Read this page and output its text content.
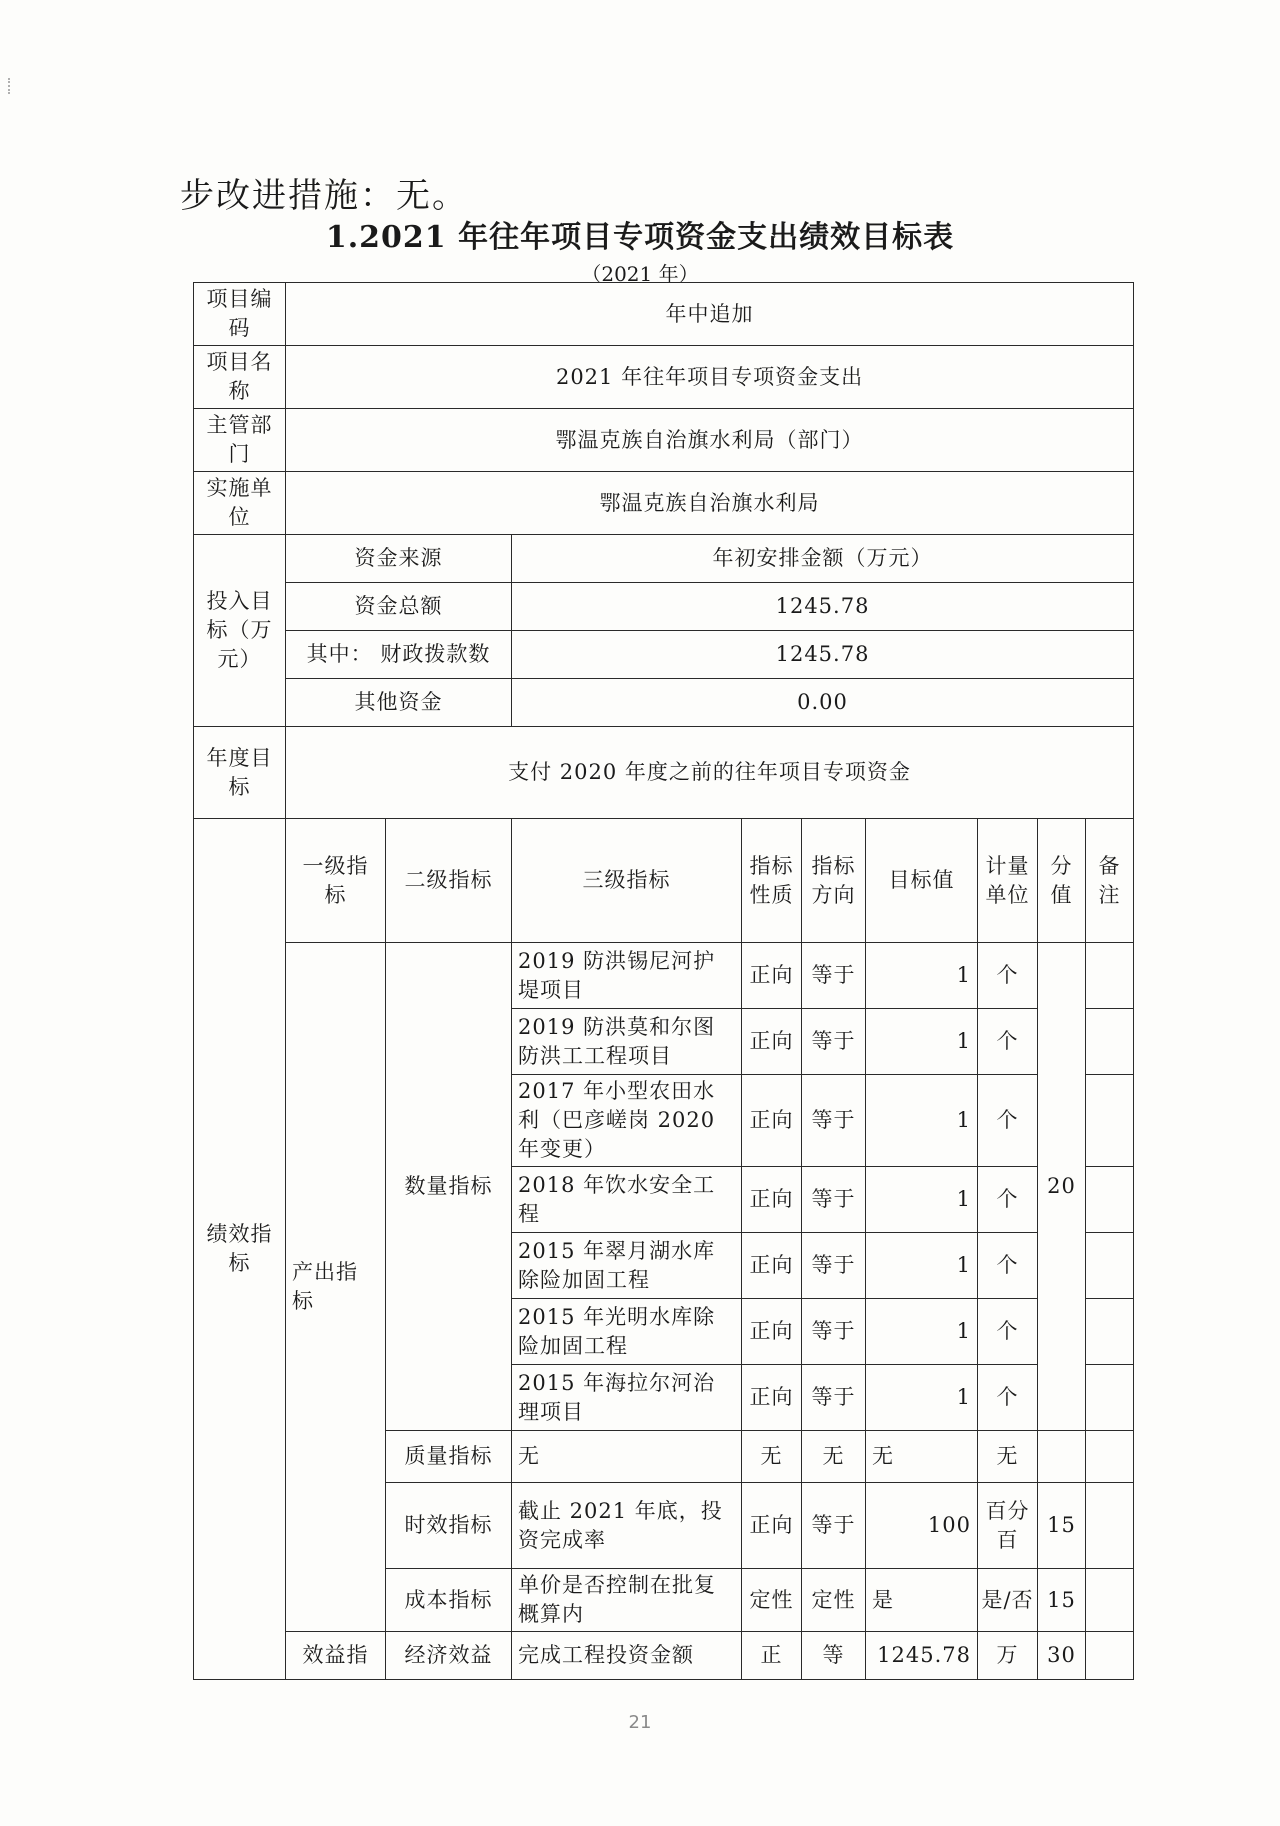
步改进措施：无。
1.2021 年往年项目专项资金支出绩效目标表
（2021 年）
项目编码	年中追加								
项目名称	2021 年往年项目专项资金支出								
主管部门	鄂温克族自治旗水利局（部门）								
实施单位	鄂温克族自治旗水利局								
投入目标（万元）	资金来源		年初安排金额（万元）						
	资金总额		1245.78						
	其中： 财政拨款数		1245.78						
	其他资金		0.00						
年度目标	支付 2020 年度之前的往年项目专项资金								
绩效指标	一级指标	二级指标	三级指标	指标性质	指标方向	目标值	计量单位	分值	备注
	产出指标	数量指标	2019 防洪锡尼河护堤项目	正向	等于	1	个	20	
			2019 防洪莫和尔图防洪工工程项目	正向	等于	1	个		
			2017 年小型农田水利（巴彦嵯岗 2020 年变更）	正向	等于	1	个		
			2018 年饮水安全工程	正向	等于	1	个		
			2015 年翠月湖水库除险加固工程	正向	等于	1	个		
			2015 年光明水库除险加固工程	正向	等于	1	个		
			2015 年海拉尔河治理项目	正向	等于	1	个		
		质量指标	无	无	无	无	无		
		时效指标	截止 2021 年底，投资完成率	正向	等于	100	百分百	15	
		成本指标	单价是否控制在批复概算内	定性	定性	是	是/否	15	
	效益指	经济效益	完成工程投资金额	正	等	1245.78	万	30	
21
